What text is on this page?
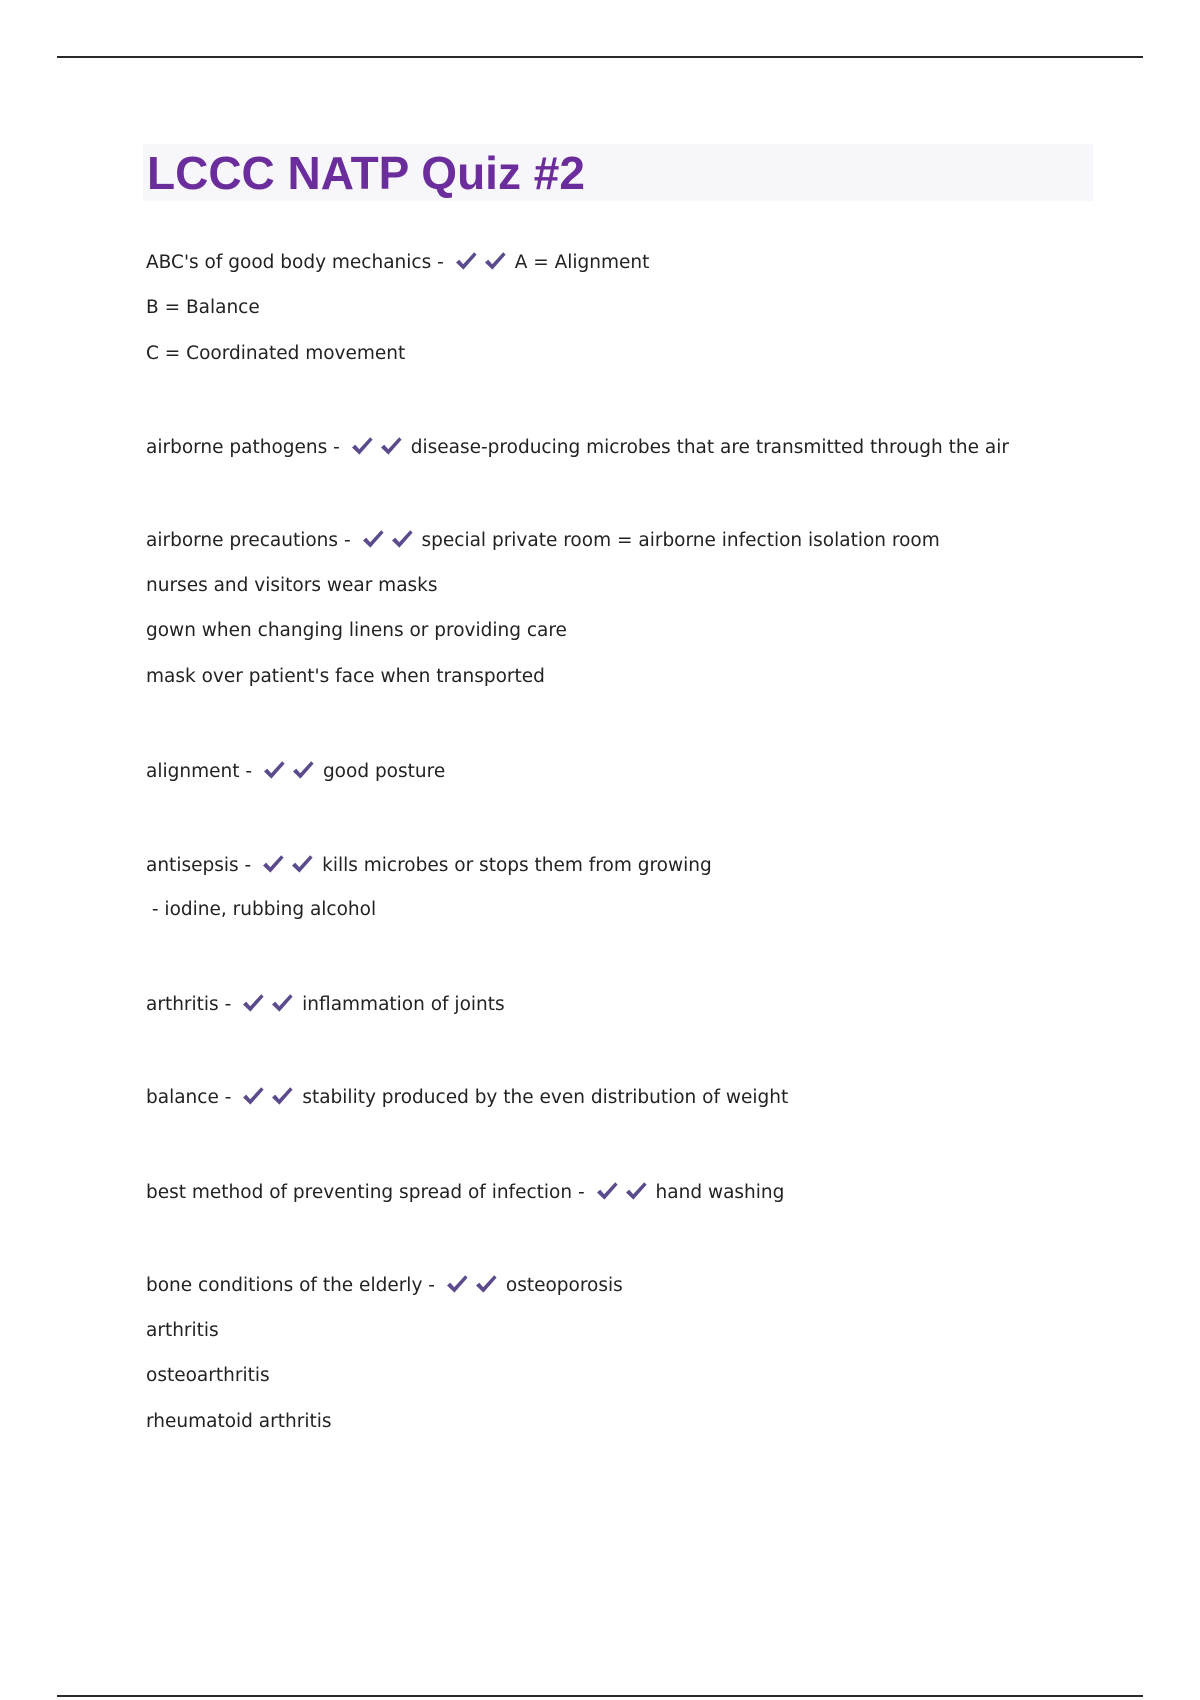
LCCC NATP Quiz #2
ABC's of good body mechanics -	A = Alignment
B = Balance
C = Coordinated movement
airborne pathogens -	disease-producing microbes that are transmitted through the air
airborne precautions -	special private room = airborne infection isolation room
nurses and visitors wear masks
gown when changing linens or providing care
mask over patient's face when transported
alignment -	good posture
antisepsis -	kills microbes or stops them from growing
- iodine, rubbing alcohol
arthritis -	inflammation of joints
balance -	stability produced by the even distribution of weight
best method of preventing spread of infection -	hand washing
bone conditions of the elderly -	osteoporosis
arthritis
osteoarthritis
rheumatoid arthritis
